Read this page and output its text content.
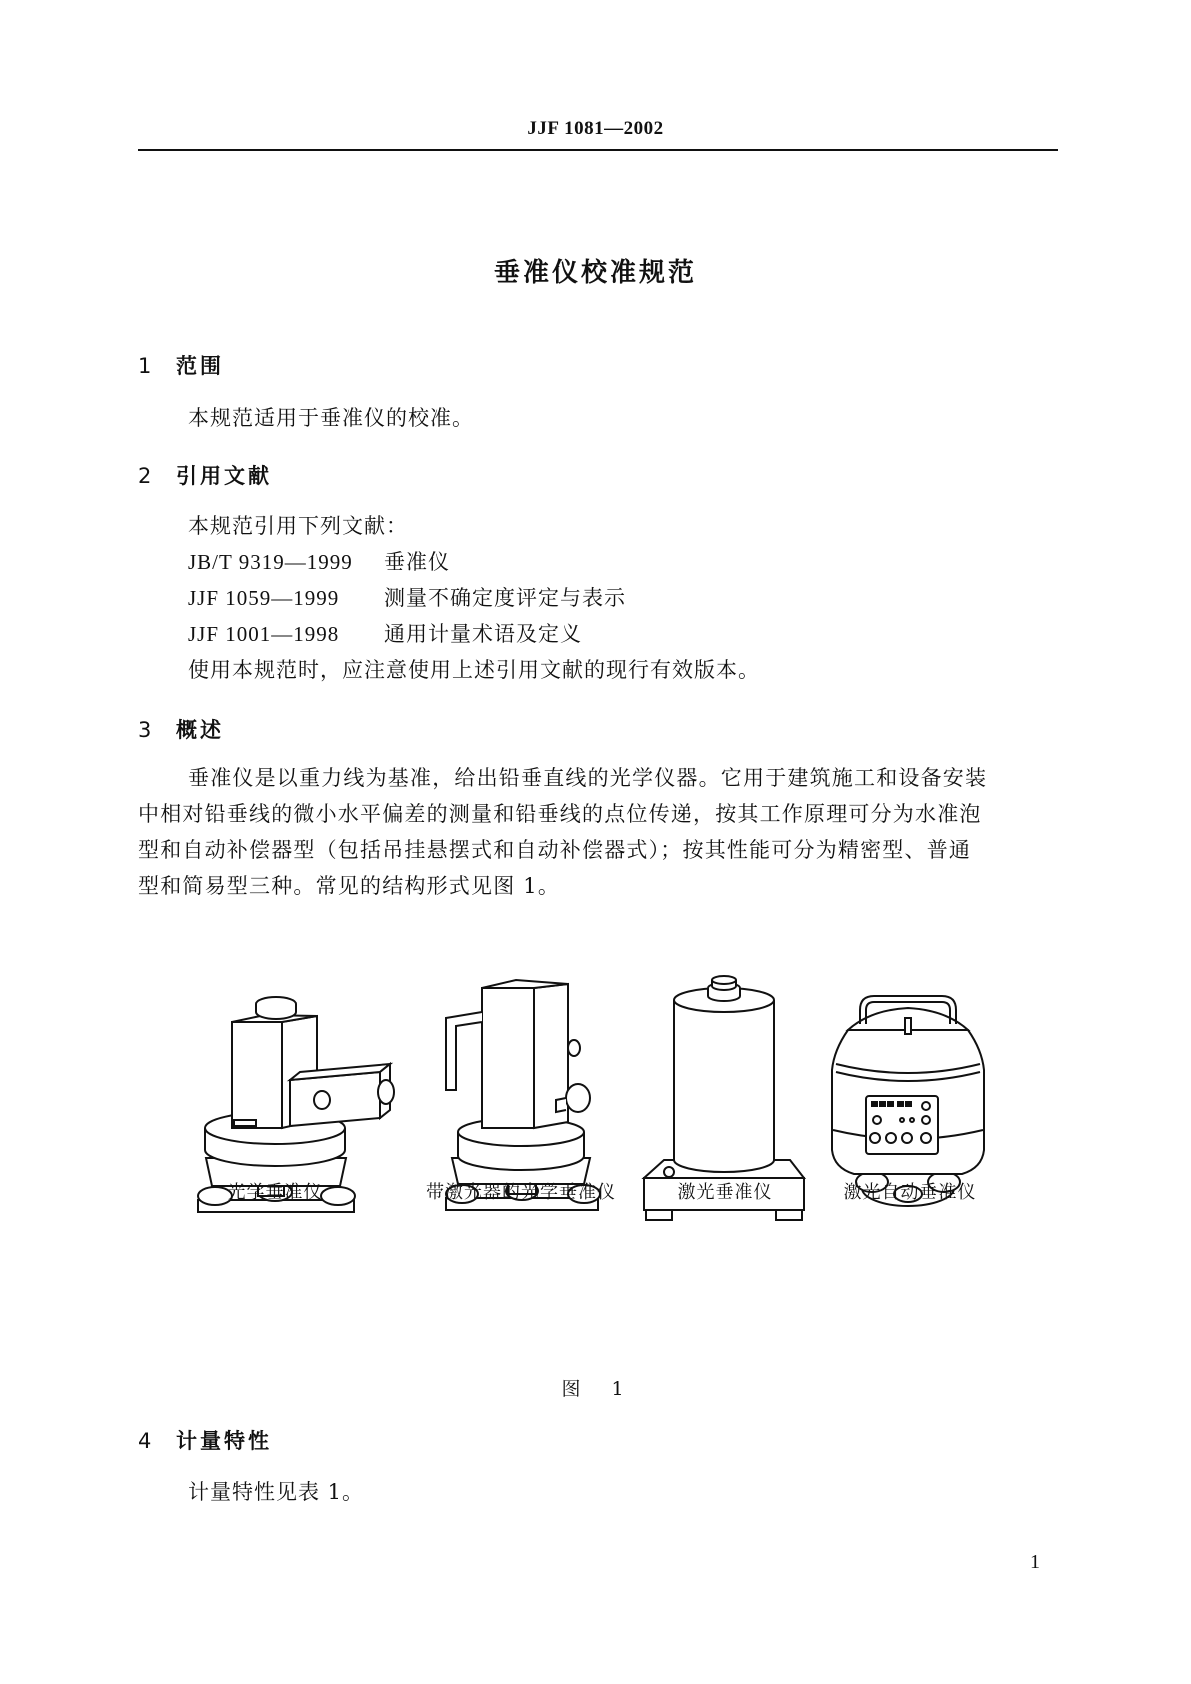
JJF 1081—2002
垂准仪校准规范
1 范围
本规范适用于垂准仪的校准。
2 引用文献
本规范引用下列文献：
JB/T 9319—1999 垂准仪
JJF 1059—1999 测量不确定度评定与表示
JJF 1001—1998 通用计量术语及定义
使用本规范时，应注意使用上述引用文献的现行有效版本。
3 概述

垂准仪是以重力线为基准，给出铅垂直线的光学仪器。它用于建筑施工和设备安装

中相对铅垂线的微小水平偏差的测量和铅垂线的点位传递，按其工作原理可分为水准泡

型和自动补偿器型（包括吊挂悬摆式和自动补偿器式）；按其性能可分为精密型、普通

型和简易型三种。常见的结构形式见图 1。

光学垂准仪	带激光器的光学垂准仪	激光垂准仪	激光自动垂准仪
图　1
4 计量特性
计量特性见表 1。
1
